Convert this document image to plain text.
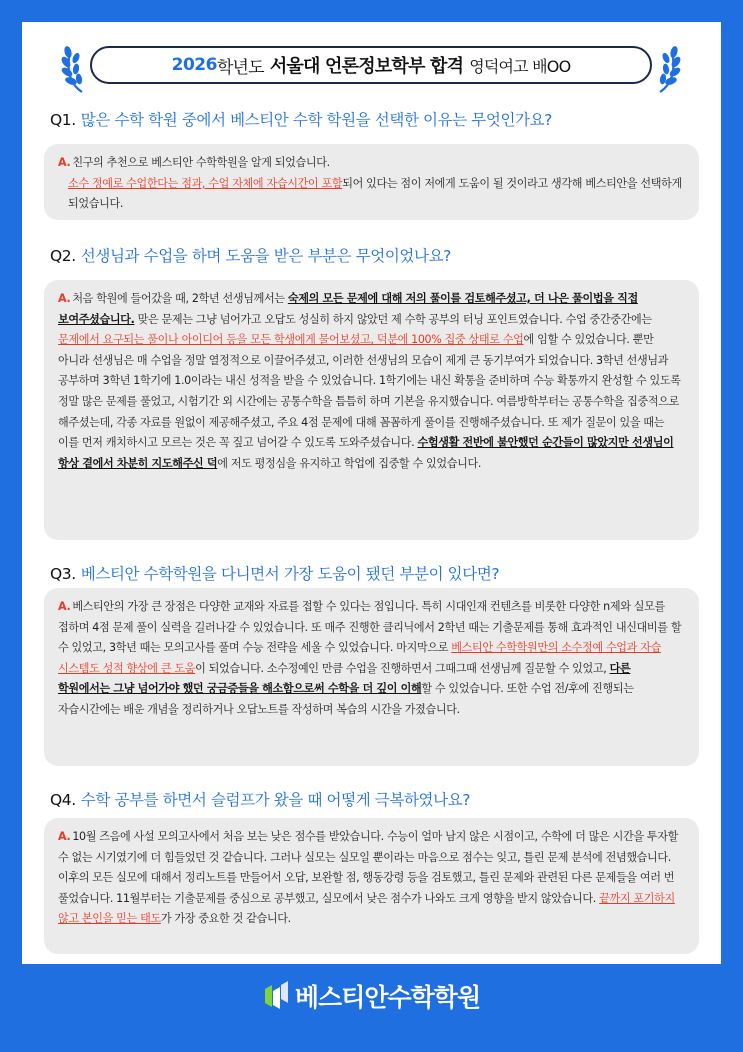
2026 학년도 서울대 언론정보학부 합격 영덕여고 배OO
Q1. 많은 수학 학원 중에서 베스티안 수학 학원을 선택한 이유는 무엇인가요?
A. 친구의 추천으로 베스티안 수학학원을 알게 되었습니다.
소수 정예로 수업한다는 점과, 수업 자체에 자습시간이 포함되어 있다는 점이 저에게 도움이 될 것이라고 생각해 베스티안을 선택하게 되었습니다.
Q2. 선생님과 수업을 하며 도움을 받은 부분은 무엇이었나요?
A. 처음 학원에 들어갔을 때, 2학년 선생님께서는 숙제의 모든 문제에 대해 저의 풀이를 검토해주셨고, 더 나은 풀이법을 직접 보여주셨습니다. 맞은 문제는 그냥 넘어가고 오답도 성실히 하지 않았던 제 수학 공부의 터닝 포인트였습니다. 수업 중간중간에는 문제에서 요구되는 풀이나 아이디어 등을 모든 학생에게 물어보셨고, 덕분에 100% 집중 상태로 수업에 임할 수 있었습니다. 뿐만 아니라 선생님은 매 수업을 정말 열정적으로 이끌어주셨고, 이러한 선생님의 모습이 제게 큰 동기부여가 되었습니다. 3학년 선생님과 공부하며 3학년 1학기에 1.0이라는 내신 성적을 받을 수 있었습니다. 1학기에는 내신 확통을 준비하며 수능 확통까지 완성할 수 있도록 정말 많은 문제를 풀었고, 시험기간 외 시간에는 공통수학을 틈틈히 하며 기본을 유지했습니다. 여름방학부터는 공통수학을 집중적으로 해주셨는데, 각종 자료를 원없이 제공해주셨고, 주요 4점 문제에 대해 꼼꼼하게 풀이를 진행해주셨습니다. 또 제가 질문이 있을 때는 이를 먼저 캐치하시고 모르는 것은 꼭 짚고 넘어갈 수 있도록 도와주셨습니다. 수험생활 전반에 불안했던 순간들이 많았지만 선생님이 항상 곁에서 차분히 지도해주신 덕에 저도 평정심을 유지하고 학업에 집중할 수 있었습니다.
Q3. 베스티안 수학학원을 다니면서 가장 도움이 됐던 부분이 있다면?
A. 베스티안의 가장 큰 장점은 다양한 교재와 자료를 접할 수 있다는 점입니다. 특히 시대인재 컨텐츠를 비롯한 다양한 n제와 실모를 접하며 4점 문제 풀이 실력을 길러나갈 수 있었습니다. 또 매주 진행한 클리닉에서 2학년 때는 기출문제를 통해 효과적인 내신대비를 할 수 있었고, 3학년 때는 모의고사를 풀며 수능 전략을 세울 수 있었습니다. 마지막으로 베스티안 수학학원만의 소수정예 수업과 자습 시스템도 성적 향상에 큰 도움이 되었습니다. 소수정예인 만큼 수업을 진행하면서 그때그때 선생님께 질문할 수 있었고, 다른 학원에서는 그냥 넘어가야 했던 궁금증들을 해소함으로써 수학을 더 깊이 이해할 수 있었습니다. 또한 수업 전/후에 진행되는 자습시간에는 배운 개념을 정리하거나 오답노트를 작성하며 복습의 시간을 가졌습니다.
Q4. 수학 공부를 하면서 슬럼프가 왔을 때 어떻게 극복하였나요?
A. 10월 즈음에 사설 모의고사에서 처음 보는 낮은 점수를 받았습니다. 수능이 얼마 남지 않은 시점이고, 수학에 더 많은 시간을 투자할 수 없는 시기였기에 더 힘들었던 것 같습니다. 그러나 실모는 실모일 뿐이라는 마음으로 점수는 잊고, 틀린 문제 분석에 전념했습니다. 이후의 모든 실모에 대해서 정리노트를 만들어서 오답, 보완할 점, 행동강령 등을 검토했고, 틀린 문제와 관련된 다른 문제들을 여러 번 풀었습니다. 11월부터는 기출문제를 중심으로 공부했고, 실모에서 낮은 점수가 나와도 크게 영향을 받지 않았습니다. 끝까지 포기하지 않고 본인을 믿는 태도가 가장 중요한 것 같습니다.
베스티안수학학원
